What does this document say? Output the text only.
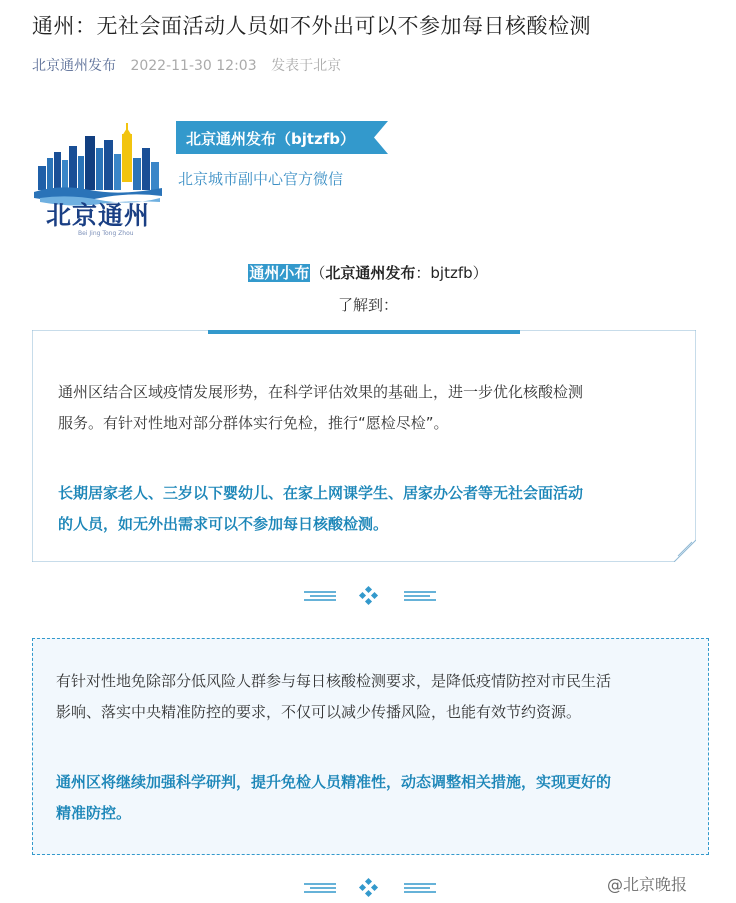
通州：无社会面活动人员如不外出可以不参加每日核酸检测
北京通州发布 2022-11-30 12:03 发表于北京
北京通州
Bei Jing Tong Zhou
北京通州发布（bjtzfb）
北京城市副中心官方微信
通州小布（北京通州发布：bjtzfb）
了解到：
通州区结合区域疫情发展形势，在科学评估效果的基础上，进一步优化核酸检测
服务。有针对性地对部分群体实行免检，推行“愿检尽检”。
长期居家老人、三岁以下婴幼儿、在家上网课学生、居家办公者等无社会面活动
的人员，如无外出需求可以不参加每日核酸检测。
有针对性地免除部分低风险人群参与每日核酸检测要求，是降低疫情防控对市民生活
影响、落实中央精准防控的要求，不仅可以减少传播风险，也能有效节约资源。
通州区将继续加强科学研判，提升免检人员精准性，动态调整相关措施，实现更好的
精准防控。
@北京晚报
